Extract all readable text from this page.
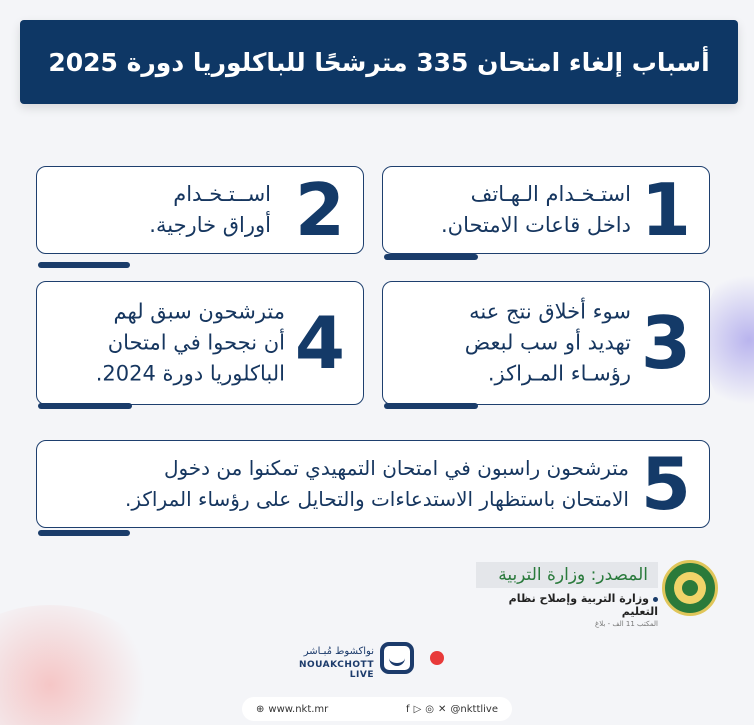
أسباب إلغاء امتحان 335 مترشحًا للباكلوريا دورة 2025
1
استـخـدام الـهـاتف
داخل قاعات الامتحان.
2
اســتـخـدام
أوراق خارجية.
3
سوء أخلاق نتج عنه
تهديد أو سب لبعض
رؤسـاء المـراكز.
4
مترشحون سبق لهم
أن نجحوا في امتحان
الباكلوريا دورة 2024.
5
مترشحون راسبون في امتحان التمهيدي تمكنوا من دخول
الامتحان باستظهار الاستدعاءات والتحايل على رؤساء المراكز.
المصدر: وزارة التربية
وزارة التربية وإصلاح نظام التعليم
المكتب 11 الف - بلاغ
نواكشوط مُبـاشر
NOUAKCHOTT LIVE
⊕ www.nkt.mr	f ▷ ◎ ✕ @nkttlive
